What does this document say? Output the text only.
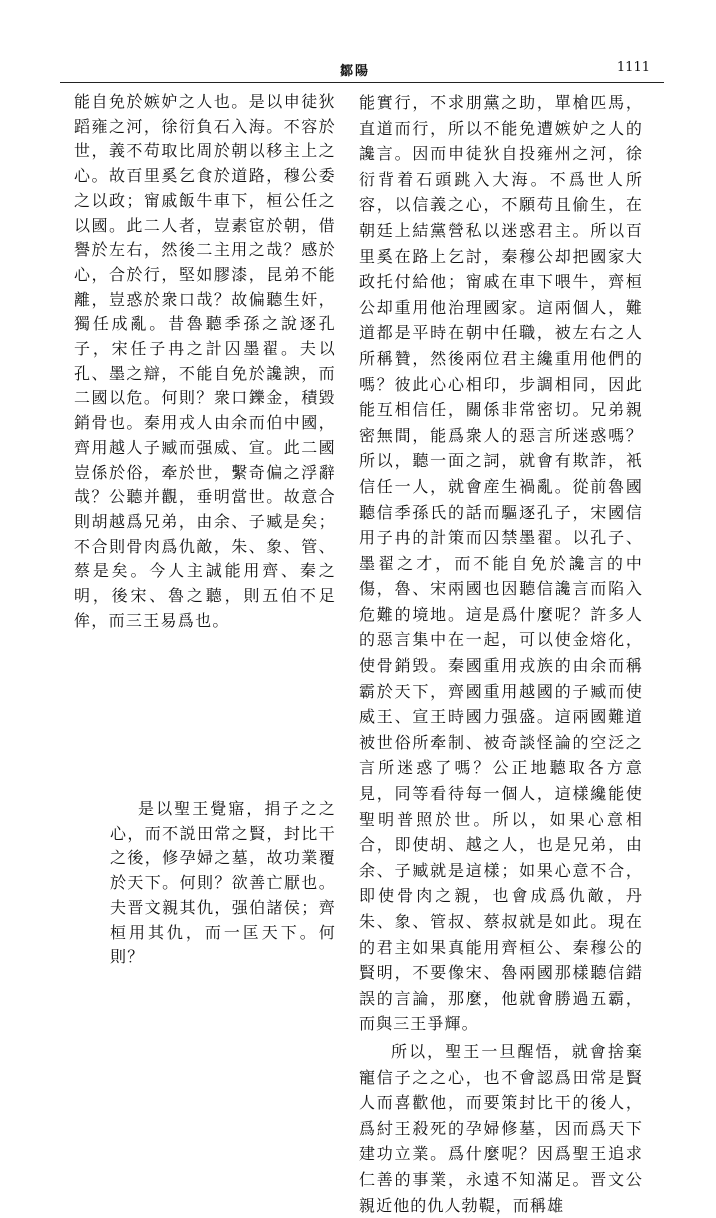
鄒陽	1111

能自免於嫉妒之人也。是以申徒狄蹈雍之河，徐衍負石入海。不容於世，義不苟取比周於朝以移主上之心。故百里奚乞食於道路，穆公委之以政；甯戚飯牛車下，桓公任之以國。此二人者，豈素宦於朝，借譽於左右，然後二主用之哉？感於心，合於行，堅如膠漆，昆弟不能離，豈惑於衆口哉？故偏聽生奸，獨任成亂。昔魯聽季孫之說逐孔子，宋任子冉之計囚墨翟。夫以孔、墨之辯，不能自免於讒諛，而二國以危。何則？衆口鑠金，積毀銷骨也。秦用戎人由余而伯中國，齊用越人子臧而强威、宣。此二國豈係於俗，牽於世，繫奇偏之浮辭哉？公聽并觀，垂明當世。故意合則胡越爲兄弟，由余、子臧是矣；不合則骨肉爲仇敵，朱、象、管、蔡是矣。今人主誠能用齊、秦之明，後宋、魯之聽，則五伯不足侔，而三王易爲也。

是以聖王覺寤，捐子之之心，而不説田常之賢，封比干之後，修孕婦之墓，故功業覆於天下。何則？欲善亡厭也。夫晋文親其仇，强伯諸侯；齊桓用其仇，而一匡天下。何則？

能實行，不求朋黨之助，單槍匹馬，直道而行，所以不能免遭嫉妒之人的讒言。因而申徒狄自投雍州之河，徐衍背着石頭跳入大海。不爲世人所容，以信義之心，不願苟且偷生，在朝廷上結黨營私以迷惑君主。所以百里奚在路上乞討，秦穆公却把國家大政托付給他；甯戚在車下喂牛，齊桓公却重用他治理國家。這兩個人，難道都是平時在朝中任職，被左右之人所稱贊，然後兩位君主纔重用他們的嗎？彼此心心相印，步調相同，因此能互相信任，關係非常密切。兄弟親密無間，能爲衆人的惡言所迷惑嗎？所以，聽一面之詞，就會有欺詐，衹信任一人，就會産生禍亂。從前魯國聽信季孫氏的話而驅逐孔子，宋國信用子冉的計策而囚禁墨翟。以孔子、墨翟之才，而不能自免於讒言的中傷，魯、宋兩國也因聽信讒言而陷入危難的境地。這是爲什麼呢？許多人的惡言集中在一起，可以使金熔化，使骨銷毁。秦國重用戎族的由余而稱霸於天下，齊國重用越國的子臧而使威王、宣王時國力强盛。這兩國難道被世俗所牽制、被奇談怪論的空泛之言所迷惑了嗎？公正地聽取各方意見，同等看待每一個人，這樣纔能使聖明普照於世。所以，如果心意相合，即使胡、越之人，也是兄弟，由余、子臧就是這樣；如果心意不合，即使骨肉之親，也會成爲仇敵，丹朱、象、管叔、蔡叔就是如此。現在的君主如果真能用齊桓公、秦穆公的賢明，不要像宋、魯兩國那樣聽信錯誤的言論，那麼，他就會勝過五霸，而與三王爭輝。

所以，聖王一旦醒悟，就會捨棄寵信子之之心，也不會認爲田常是賢人而喜歡他，而要策封比干的後人，爲紂王殺死的孕婦修墓，因而爲天下建功立業。爲什麼呢？因爲聖王追求仁善的事業，永遠不知滿足。晋文公親近他的仇人勃鞮，而稱雄
